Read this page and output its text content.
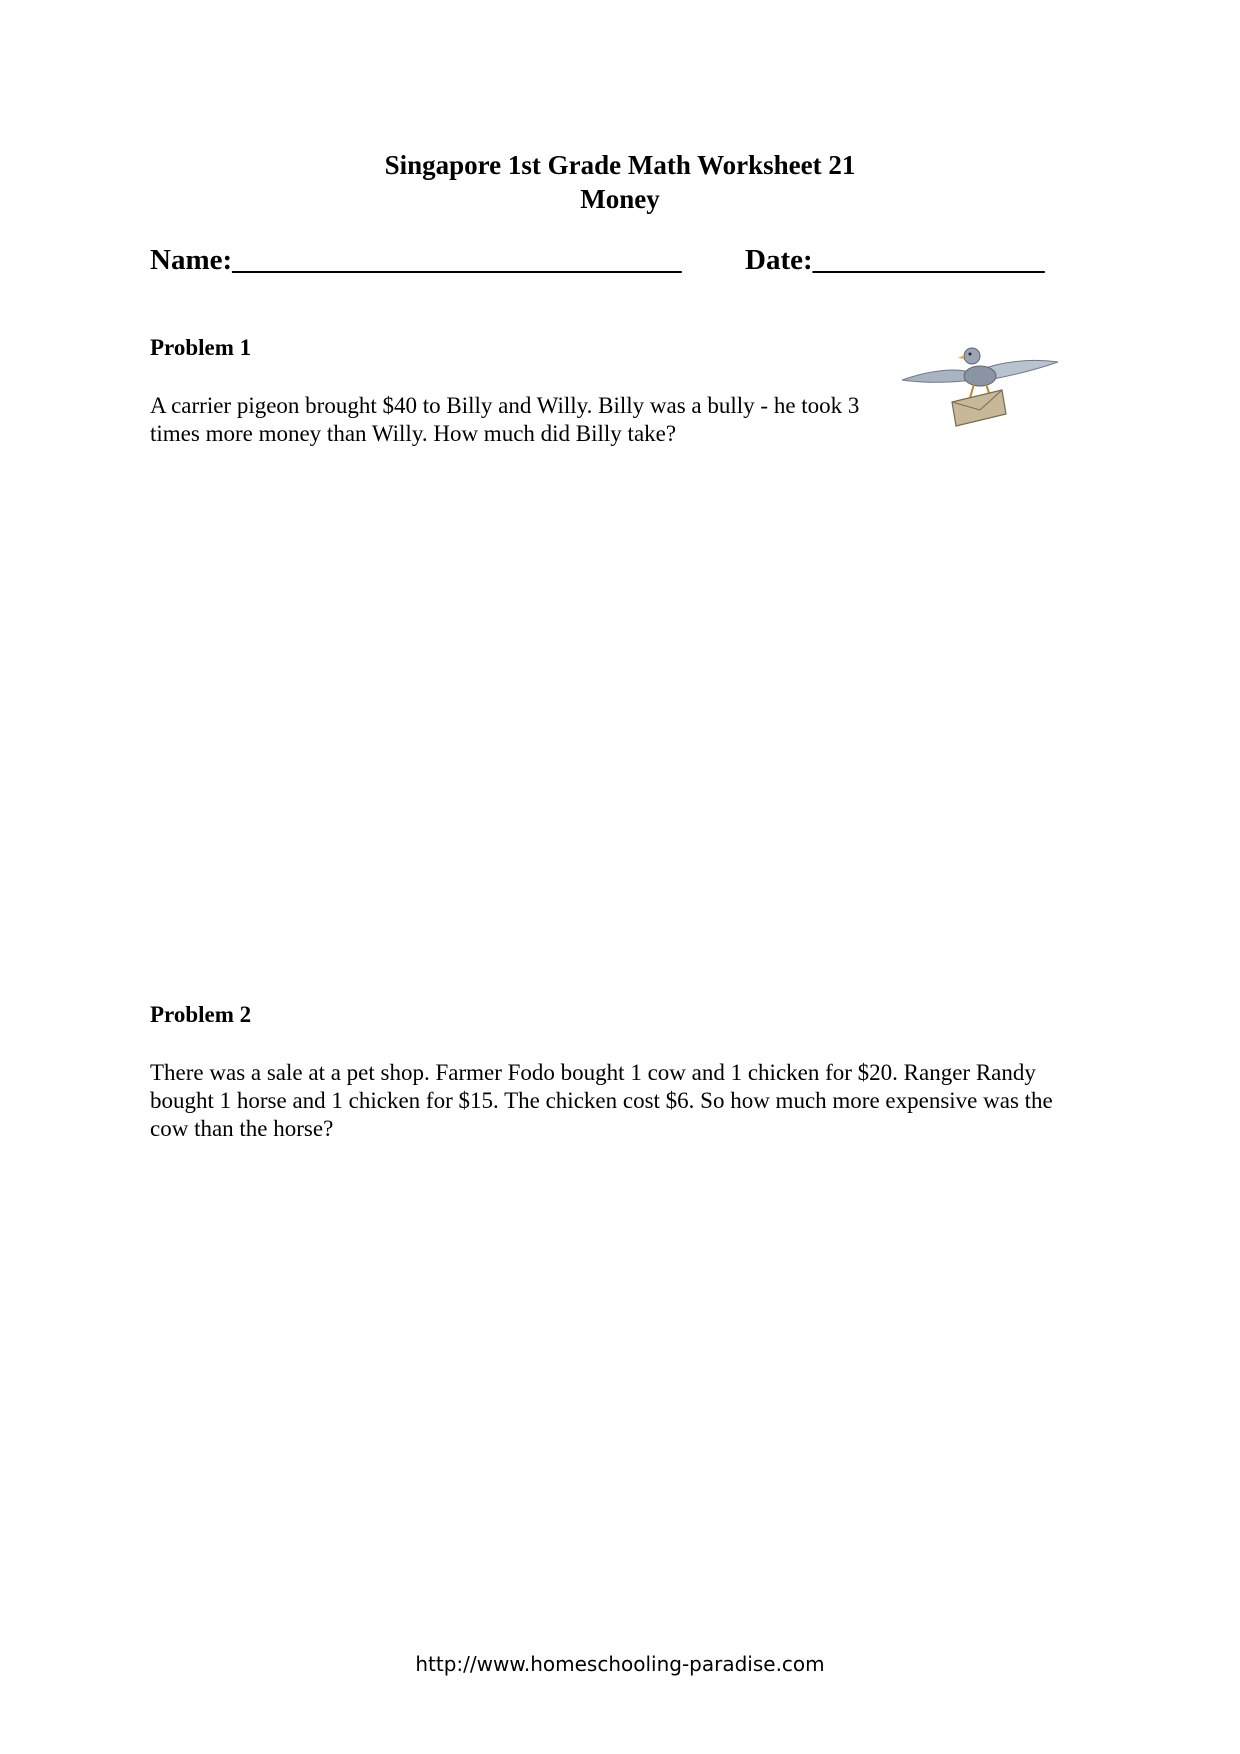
Singapore 1st Grade Math Worksheet 21
Money
Name:_______________________________ Date:________________
Problem 1
A carrier pigeon brought $40 to Billy and Willy. Billy was a bully - he took 3 times more money than Willy. How much did Billy take?
Problem 2
There was a sale at a pet shop. Farmer Fodo bought 1 cow and 1 chicken for $20. Ranger Randy bought 1 horse and 1 chicken for $15. The chicken cost $6. So how much more expensive was the cow than the horse?
http://www.homeschooling-paradise.com
